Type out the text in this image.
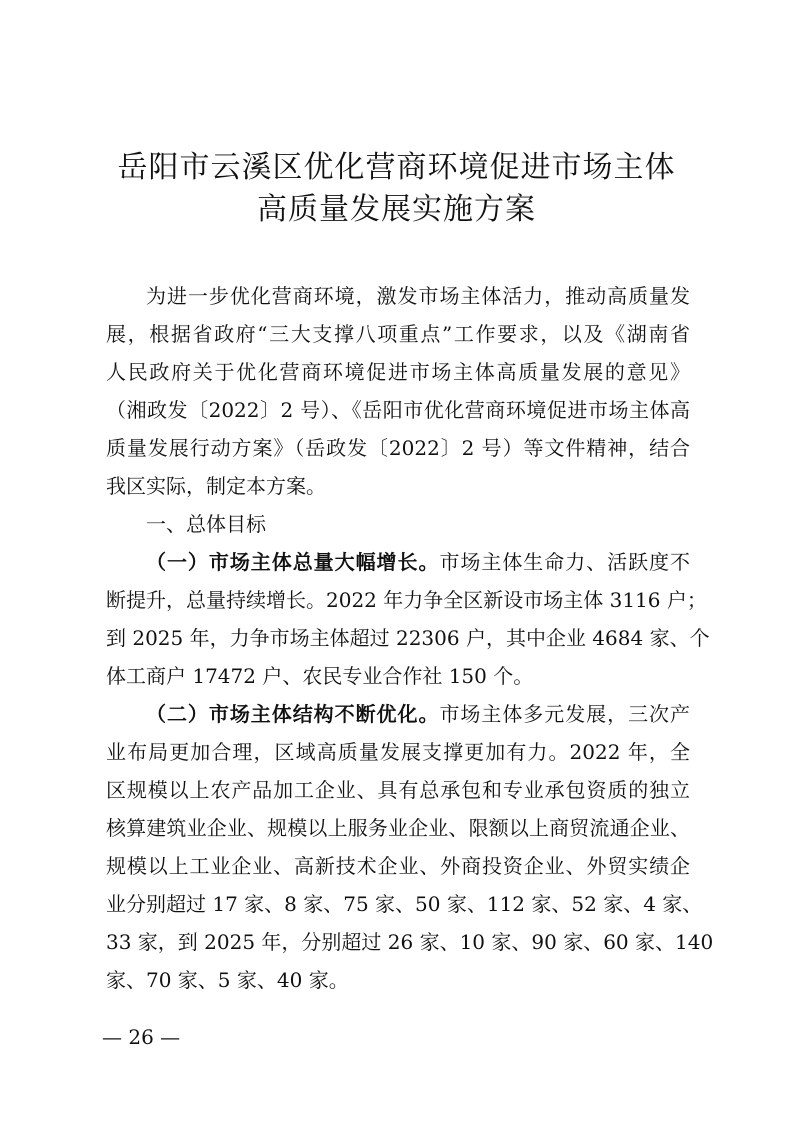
岳阳市云溪区优化营商环境促进市场主体
高质量发展实施方案
为进一步优化营商环境，激发市场主体活力，推动高质量发
展，根据省政府“三大支撑八项重点”工作要求，以及《湖南省
人民政府关于优化营商环境促进市场主体高质量发展的意见》
（湘政发〔2022〕2 号）、《岳阳市优化营商环境促进市场主体高
质量发展行动方案》（岳政发〔2022〕2 号）等文件精神，结合
我区实际，制定本方案。
一、总体目标
（一）市场主体总量大幅增长。市场主体生命力、活跃度不
断提升，总量持续增长。2022 年力争全区新设市场主体 3116 户；
到 2025 年，力争市场主体超过 22306 户，其中企业 4684 家、个
体工商户 17472 户、农民专业合作社 150 个。
（二）市场主体结构不断优化。市场主体多元发展，三次产
业布局更加合理，区域高质量发展支撑更加有力。2022 年，全
区规模以上农产品加工企业、具有总承包和专业承包资质的独立
核算建筑业企业、规模以上服务业企业、限额以上商贸流通企业、
规模以上工业企业、高新技术企业、外商投资企业、外贸实绩企
业分别超过 17 家、8 家、75 家、50 家、112 家、52 家、4 家、
33 家，到 2025 年，分别超过 26 家、10 家、90 家、60 家、140
家、70 家、5 家、40 家。
— 26 —
